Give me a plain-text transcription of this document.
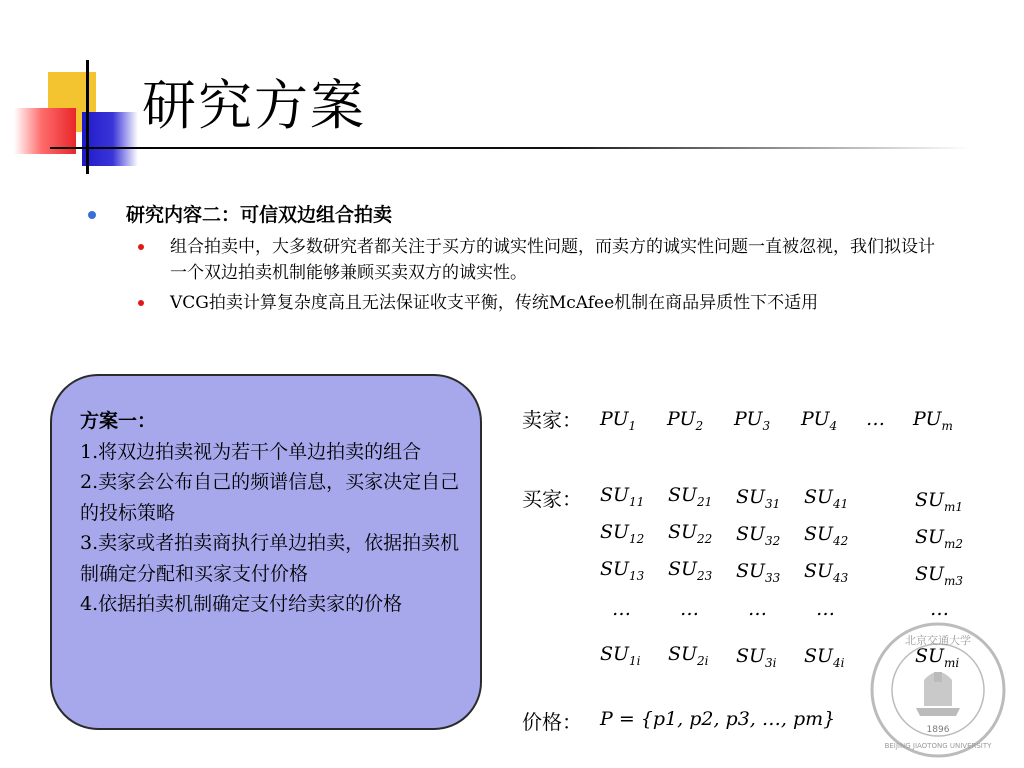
研究方案
研究内容二：可信双边组合拍卖
组合拍卖中，大多数研究者都关注于买方的诚实性问题，而卖方的诚实性问题一直被忽视，我们拟设计一个双边拍卖机制能够兼顾买卖双方的诚实性。
VCG拍卖计算复杂度高且无法保证收支平衡，传统McAfee机制在商品异质性下不适用

方案一：

1.将双边拍卖视为若干个单边拍卖的组合

2.卖家会公布自己的频谱信息，买家决定自己的投标策略

3.卖家或者拍卖商执行单边拍卖，依据拍卖机制确定分配和买家支付价格

4.依据拍卖机制确定支付给卖家的价格

卖家：
买家：
价格：
$PU_1$ $PU_2$ $PU_3$ $PU_4$ … $PU_m$
$SU_{11}$
$SU_{12}$
$SU_{13}$
…
$SU_{1i}$
$SU_{21}$
$SU_{22}$
$SU_{23}$
…
$SU_{2i}$
$SU_{31}$
$SU_{32}$
$SU_{33}$
…
$SU_{3i}$
$SU_{41}$
$SU_{42}$
$SU_{43}$
…
$SU_{4i}$
$SU_{m1}$
$SU_{m2}$
$SU_{m3}$
…
$SU_{mi}$
P = {p1, p2, p3, …, pm}	1896
北京交通大学
BEIJING JIAOTONG UNIVERSITY
